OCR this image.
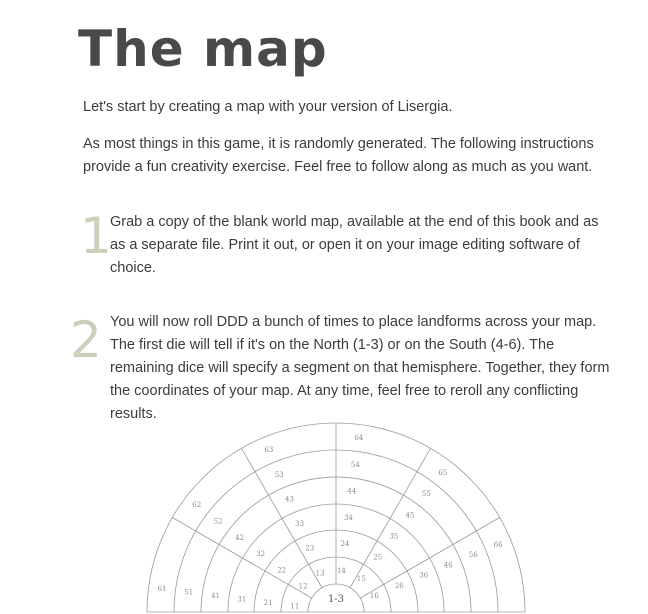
The map

Let's start by creating a map with your version of Lisergia.

As most things in this game, it is randomly generated. The following instructions provide a fun creativity exercise. Feel free to follow along as much as you want.

1

Grab a copy of the blank world map, available at the end of this book and as as a separate file. Print it out, or open it on your image editing software of choice.

2 You will now roll DDD a bunch of times to place landforms across your map. The first die will tell if it's on the North (1-3) or on the South (4-6). The remaining dice will specify a segment on that hemisphere. Together, they form the coordinates of your map. At any time, feel free to reroll any conflicting results.

11
12
13 14
15
16
21
22
23
24
25
26
31
32
33
34
35
36
41
42
43
44
45
46
51
52
53
54
55
56
61
62
63
64
65
66
1-3
